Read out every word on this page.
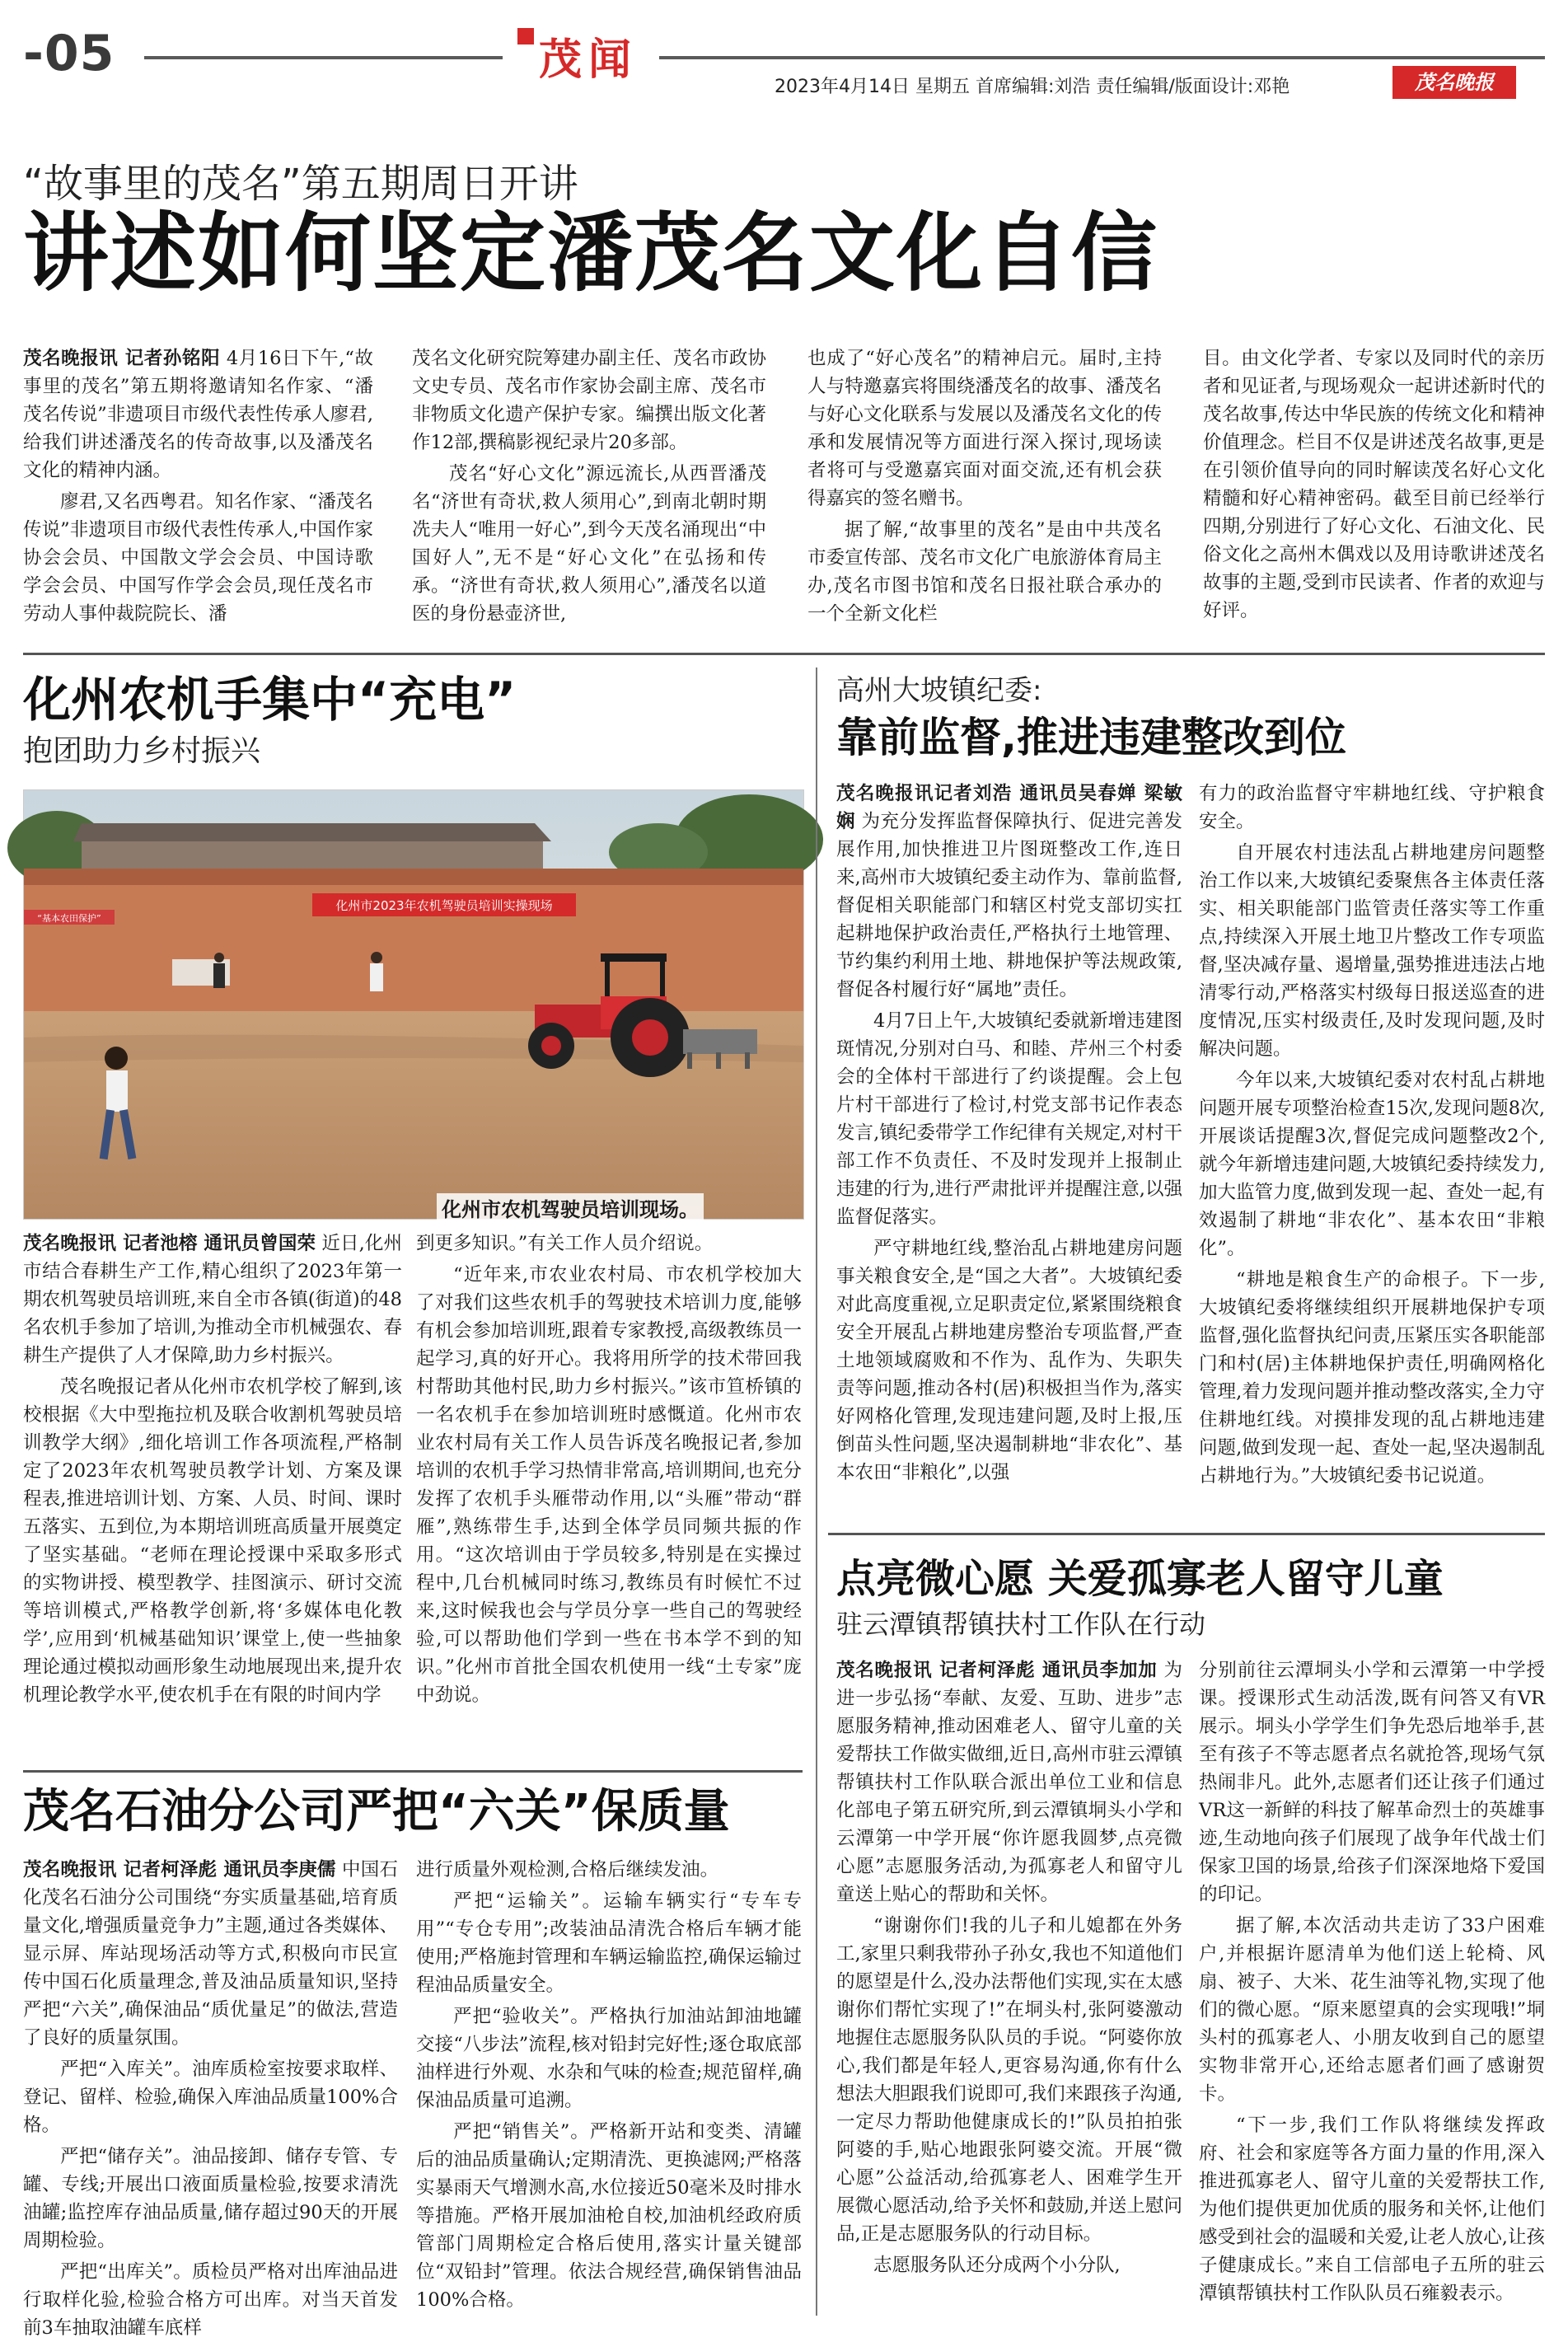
-05	茂闻
2023年4月14日 星期五 首席编辑:刘浩 责任编辑/版面设计:邓艳	茂名晚报
“故事里的茂名”第五期周日开讲
讲述如何坚定潘茂名文化自信

茂名晚报讯 记者孙铭阳 4月16日下午,“故事里的茂名”第五期将邀请知名作家、“潘茂名传说”非遗项目市级代表性传承人廖君,给我们讲述潘茂名的传奇故事,以及潘茂名文化的精神内涵。

廖君,又名西粤君。知名作家、“潘茂名传说”非遗项目市级代表性传承人,中国作家协会会员、中国散文学会会员、中国诗歌学会会员、中国写作学会会员,现任茂名市劳动人事仲裁院院长、潘

茂名文化研究院筹建办副主任、茂名市政协文史专员、茂名市作家协会副主席、茂名市非物质文化遗产保护专家。编撰出版文化著作12部,撰稿影视纪录片20多部。

茂名“好心文化”源远流长,从西晋潘茂名“济世有奇状,救人须用心”,到南北朝时期冼夫人“唯用一好心”,到今天茂名涌现出“中国好人”,无不是“好心文化”在弘扬和传承。“济世有奇状,救人须用心”,潘茂名以道医的身份悬壶济世,

也成了“好心茂名”的精神启元。届时,主持人与特邀嘉宾将围绕潘茂名的故事、潘茂名与好心文化联系与发展以及潘茂名文化的传承和发展情况等方面进行深入探讨,现场读者将可与受邀嘉宾面对面交流,还有机会获得嘉宾的签名赠书。

据了解,“故事里的茂名”是由中共茂名市委宣传部、茂名市文化广电旅游体育局主办,茂名市图书馆和茂名日报社联合承办的一个全新文化栏

目。由文化学者、专家以及同时代的亲历者和见证者,与现场观众一起讲述新时代的茂名故事,传达中华民族的传统文化和精神价值理念。栏目不仅是讲述茂名故事,更是在引领价值导向的同时解读茂名好心文化精髓和好心精神密码。截至目前已经举行四期,分别进行了好心文化、石油文化、民俗文化之高州木偶戏以及用诗歌讲述茂名故事的主题,受到市民读者、作者的欢迎与好评。

化州农机手集中“充电”
抱团助力乡村振兴
化州市2023年农机驾驶员培训实操现场
“基本农田保护”
化州市农机驾驶员培训现场。

茂名晚报讯 记者池榕 通讯员曾国荣 近日,化州市结合春耕生产工作,精心组织了2023年第一期农机驾驶员培训班,来自全市各镇(街道)的48名农机手参加了培训,为推动全市机械强农、春耕生产提供了人才保障,助力乡村振兴。

茂名晚报记者从化州市农机学校了解到,该校根据《大中型拖拉机及联合收割机驾驶员培训教学大纲》,细化培训工作各项流程,严格制定了2023年农机驾驶员教学计划、方案及课程表,推进培训计划、方案、人员、时间、课时五落实、五到位,为本期培训班高质量开展奠定了坚实基础。“老师在理论授课中采取多形式的实物讲授、模型教学、挂图演示、研讨交流等培训模式,严格教学创新,将‘多媒体电化教学’,应用到‘机械基础知识’课堂上,使一些抽象理论通过模拟动画形象生动地展现出来,提升农机理论教学水平,使农机手在有限的时间内学

到更多知识。”有关工作人员介绍说。

“近年来,市农业农村局、市农机学校加大了对我们这些农机手的驾驶技术培训力度,能够有机会参加培训班,跟着专家教授,高级教练员一起学习,真的好开心。我将用所学的技术带回我村帮助其他村民,助力乡村振兴。”该市笪桥镇的一名农机手在参加培训班时感慨道。化州市农业农村局有关工作人员告诉茂名晚报记者,参加培训的农机手学习热情非常高,培训期间,也充分发挥了农机手头雁带动作用,以“头雁”带动“群雁”,熟练带生手,达到全体学员同频共振的作用。“这次培训由于学员较多,特别是在实操过程中,几台机械同时练习,教练员有时候忙不过来,这时候我也会与学员分享一些自己的驾驶经验,可以帮助他们学到一些在书本学不到的知识。”化州市首批全国农机使用一线“土专家”庞中劲说。

茂名石油分公司严把“六关”保质量

茂名晚报讯 记者柯泽彪 通讯员李庚儒 中国石化茂名石油分公司围绕“夯实质量基础,培育质量文化,增强质量竞争力”主题,通过各类媒体、显示屏、库站现场活动等方式,积极向市民宣传中国石化质量理念,普及油品质量知识,坚持严把“六关”,确保油品“质优量足”的做法,营造了良好的质量氛围。

严把“入库关”。油库质检室按要求取样、登记、留样、检验,确保入库油品质量100%合格。

严把“储存关”。油品接卸、储存专管、专罐、专线;开展出口液面质量检验,按要求清洗油罐;监控库存油品质量,储存超过90天的开展周期检验。

严把“出库关”。质检员严格对出库油品进行取样化验,检验合格方可出库。对当天首发前3车抽取油罐车底样

进行质量外观检测,合格后继续发油。

严把“运输关”。运输车辆实行“专车专用”“专仓专用”;改装油品清洗合格后车辆才能使用;严格施封管理和车辆运输监控,确保运输过程油品质量安全。

严把“验收关”。严格执行加油站卸油地罐交接“八步法”流程,核对铅封完好性;逐仓取底部油样进行外观、水杂和气味的检查;规范留样,确保油品质量可追溯。

严把“销售关”。严格新开站和变类、清罐后的油品质量确认;定期清洗、更换滤网;严格落实暴雨天气增测水高,水位接近50毫米及时排水等措施。严格开展加油枪自校,加油机经政府质管部门周期检定合格后使用,落实计量关键部位“双铅封”管理。依法合规经营,确保销售油品100%合格。

高州大坡镇纪委:
靠前监督,推进违建整改到位

茂名晚报讯记者刘浩 通讯员吴春婵 梁敏娴 为充分发挥监督保障执行、促进完善发展作用,加快推进卫片图斑整改工作,连日来,高州市大坡镇纪委主动作为、靠前监督,督促相关职能部门和辖区村党支部切实扛起耕地保护政治责任,严格执行土地管理、节约集约利用土地、耕地保护等法规政策,督促各村履行好“属地”责任。

4月7日上午,大坡镇纪委就新增违建图斑情况,分别对白马、和睦、芹州三个村委会的全体村干部进行了约谈提醒。会上包片村干部进行了检讨,村党支部书记作表态发言,镇纪委带学工作纪律有关规定,对村干部工作不负责任、不及时发现并上报制止违建的行为,进行严肃批评并提醒注意,以强监督促落实。

严守耕地红线,整治乱占耕地建房问题事关粮食安全,是“国之大者”。大坡镇纪委对此高度重视,立足职责定位,紧紧围绕粮食安全开展乱占耕地建房整治专项监督,严查土地领域腐败和不作为、乱作为、失职失责等问题,推动各村(居)积极担当作为,落实好网格化管理,发现违建问题,及时上报,压倒苗头性问题,坚决遏制耕地“非农化”、基本农田“非粮化”,以强

有力的政治监督守牢耕地红线、守护粮食安全。

自开展农村违法乱占耕地建房问题整治工作以来,大坡镇纪委聚焦各主体责任落实、相关职能部门监管责任落实等工作重点,持续深入开展土地卫片整改工作专项监督,坚决减存量、遏增量,强势推进违法占地清零行动,严格落实村级每日报送巡查的进度情况,压实村级责任,及时发现问题,及时解决问题。

今年以来,大坡镇纪委对农村乱占耕地问题开展专项整治检查15次,发现问题8次,开展谈话提醒3次,督促完成问题整改2个,就今年新增违建问题,大坡镇纪委持续发力,加大监管力度,做到发现一起、查处一起,有效遏制了耕地“非农化”、基本农田“非粮化”。

“耕地是粮食生产的命根子。下一步,大坡镇纪委将继续组织开展耕地保护专项监督,强化监督执纪问责,压紧压实各职能部门和村(居)主体耕地保护责任,明确网格化管理,着力发现问题并推动整改落实,全力守住耕地红线。对摸排发现的乱占耕地违建问题,做到发现一起、查处一起,坚决遏制乱占耕地行为。”大坡镇纪委书记说道。

点亮微心愿 关爱孤寡老人留守儿童
驻云潭镇帮镇扶村工作队在行动

茂名晚报讯 记者柯泽彪 通讯员李加加 为进一步弘扬“奉献、友爱、互助、进步”志愿服务精神,推动困难老人、留守儿童的关爱帮扶工作做实做细,近日,高州市驻云潭镇帮镇扶村工作队联合派出单位工业和信息化部电子第五研究所,到云潭镇垌头小学和云潭第一中学开展“你许愿我圆梦,点亮微心愿”志愿服务活动,为孤寡老人和留守儿童送上贴心的帮助和关怀。

“谢谢你们!我的儿子和儿媳都在外务工,家里只剩我带孙子孙女,我也不知道他们的愿望是什么,没办法帮他们实现,实在太感谢你们帮忙实现了!”在垌头村,张阿婆激动地握住志愿服务队队员的手说。“阿婆你放心,我们都是年轻人,更容易沟通,你有什么想法大胆跟我们说即可,我们来跟孩子沟通,一定尽力帮助他健康成长的!”队员拍拍张阿婆的手,贴心地跟张阿婆交流。开展“微心愿”公益活动,给孤寡老人、困难学生开展微心愿活动,给予关怀和鼓励,并送上慰问品,正是志愿服务队的行动目标。

志愿服务队还分成两个小分队,

分别前往云潭垌头小学和云潭第一中学授课。授课形式生动活泼,既有问答又有VR展示。垌头小学学生们争先恐后地举手,甚至有孩子不等志愿者点名就抢答,现场气氛热闹非凡。此外,志愿者们还让孩子们通过VR这一新鲜的科技了解革命烈士的英雄事迹,生动地向孩子们展现了战争年代战士们保家卫国的场景,给孩子们深深地烙下爱国的印记。

据了解,本次活动共走访了33户困难户,并根据许愿清单为他们送上轮椅、风扇、被子、大米、花生油等礼物,实现了他们的微心愿。“原来愿望真的会实现哦!”垌头村的孤寡老人、小朋友收到自己的愿望实物非常开心,还给志愿者们画了感谢贺卡。

“下一步,我们工作队将继续发挥政府、社会和家庭等各方面力量的作用,深入推进孤寡老人、留守儿童的关爱帮扶工作,为他们提供更加优质的服务和关怀,让他们感受到社会的温暖和关爱,让老人放心,让孩子健康成长。”来自工信部电子五所的驻云潭镇帮镇扶村工作队队员石雍毅表示。
